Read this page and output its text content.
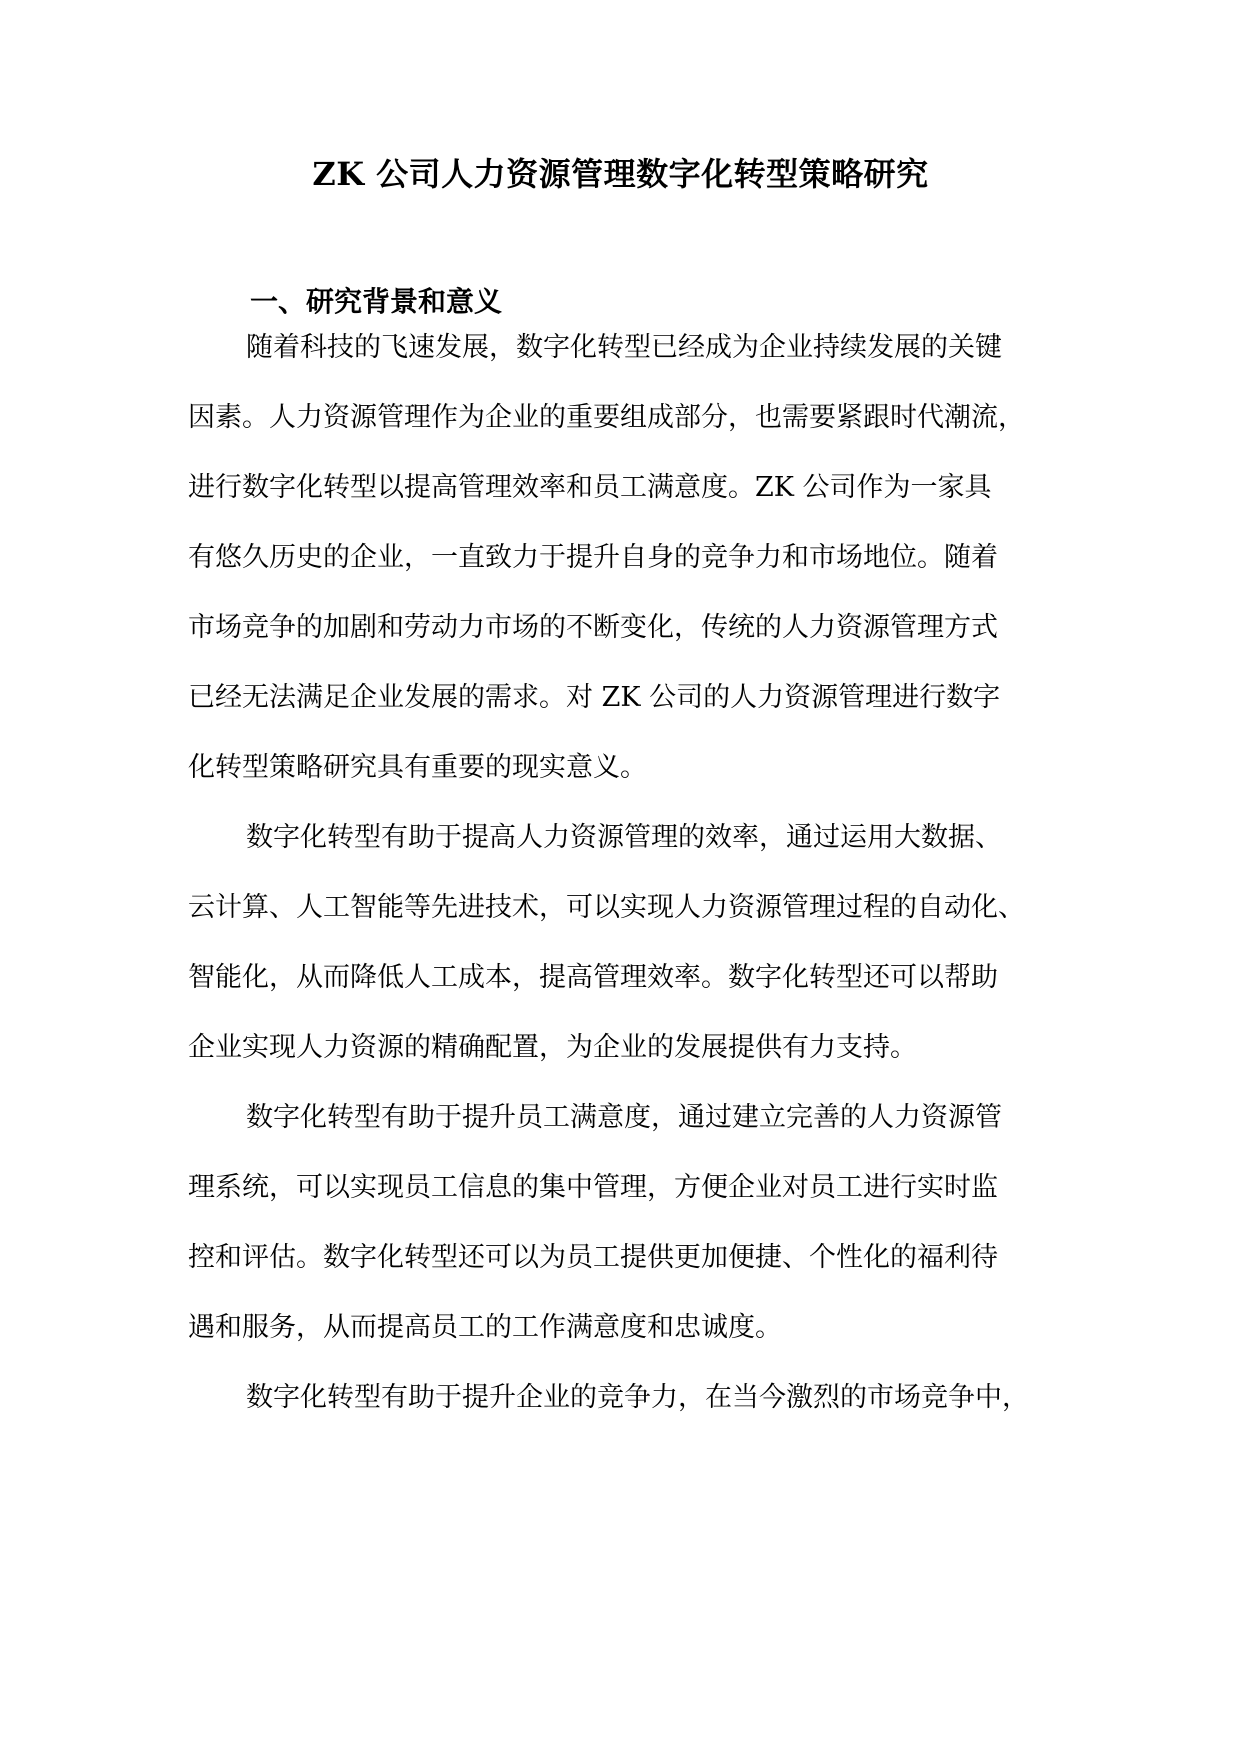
ZK 公司人力资源管理数字化转型策略研究
一、研究背景和意义

随着科技的飞速发展，数字化转型已经成为企业持续发展的关键

因素。人力资源管理作为企业的重要组成部分，也需要紧跟时代潮流，

进行数字化转型以提高管理效率和员工满意度。ZK 公司作为一家具

有悠久历史的企业，一直致力于提升自身的竞争力和市场地位。随着

市场竞争的加剧和劳动力市场的不断变化，传统的人力资源管理方式

已经无法满足企业发展的需求。对 ZK 公司的人力资源管理进行数字

化转型策略研究具有重要的现实意义。

数字化转型有助于提高人力资源管理的效率，通过运用大数据、

云计算、人工智能等先进技术，可以实现人力资源管理过程的自动化、

智能化，从而降低人工成本，提高管理效率。数字化转型还可以帮助

企业实现人力资源的精确配置，为企业的发展提供有力支持。

数字化转型有助于提升员工满意度，通过建立完善的人力资源管

理系统，可以实现员工信息的集中管理，方便企业对员工进行实时监

控和评估。数字化转型还可以为员工提供更加便捷、个性化的福利待

遇和服务，从而提高员工的工作满意度和忠诚度。

数字化转型有助于提升企业的竞争力，在当今激烈的市场竞争中，
